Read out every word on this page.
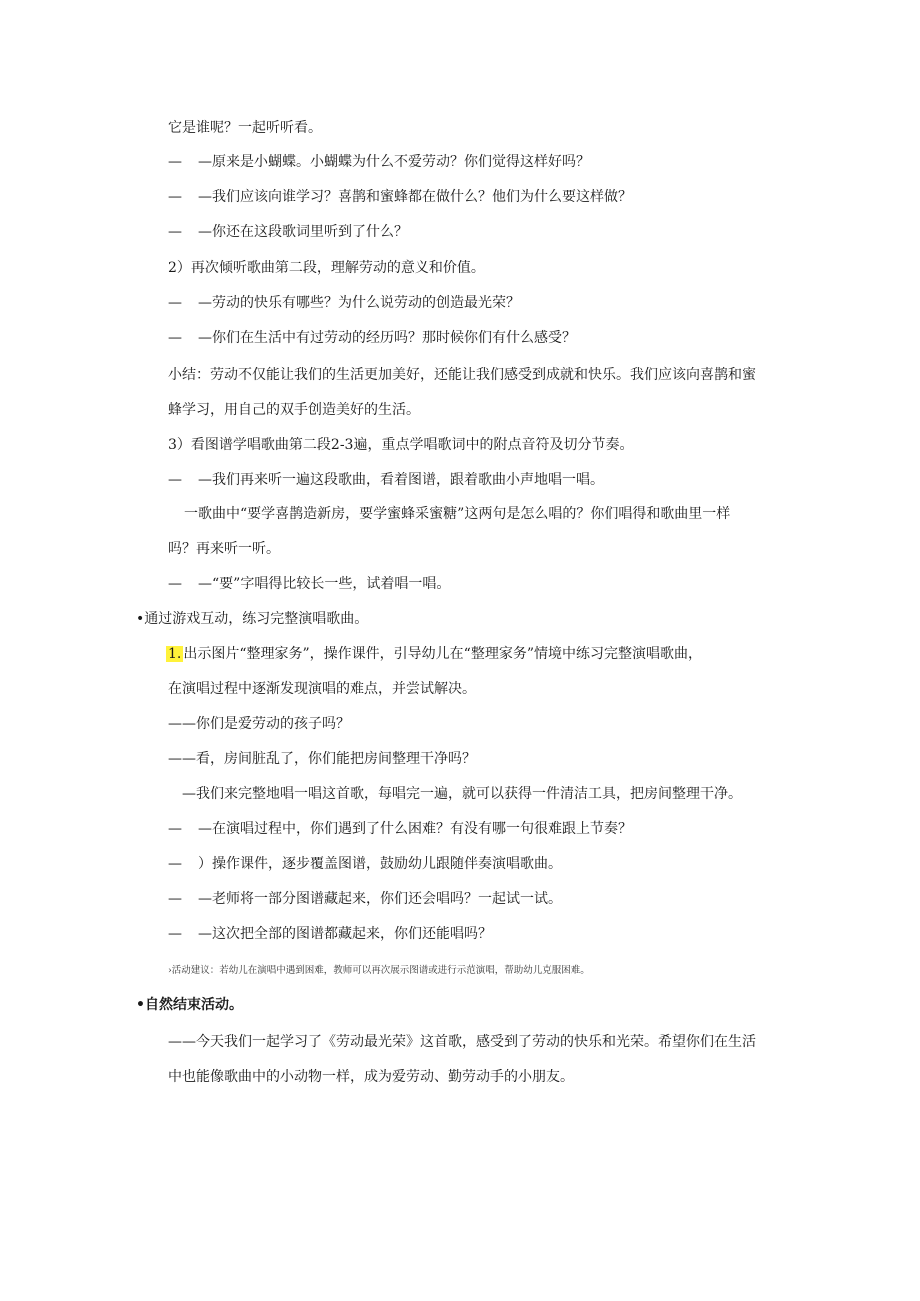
它是谁呢？一起听听看。
— —原来是小蝴蝶。小蝴蝶为什么不爱劳动？你们觉得这样好吗？
— —我们应该向谁学习？喜鹊和蜜蜂都在做什么？他们为什么要这样做？
— —你还在这段歌词里听到了什么？
2）再次倾听歌曲第二段，理解劳动的意义和价值。
— —劳动的快乐有哪些？为什么说劳动的创造最光荣？
— —你们在生活中有过劳动的经历吗？那时候你们有什么感受？
小结：劳动不仅能让我们的生活更加美好，还能让我们感受到成就和快乐。我们应该向喜鹊和蜜
蜂学习，用自己的双手创造美好的生活。
3）看图谱学唱歌曲第二段2-3遍，重点学唱歌词中的附点音符及切分节奏。
— —我们再来听一遍这段歌曲，看着图谱，跟着歌曲小声地唱一唱。
一歌曲中“要学喜鹊造新房，要学蜜蜂采蜜糖”这两句是怎么唱的？你们唱得和歌曲里一样
吗？再来听一听。
— —“要”字唱得比较长一些，试着唱一唱。
•通过游戏互动，练习完整演唱歌曲。
1. 出示图片“整理家务”，操作课件，引导幼儿在“整理家务”情境中练习完整演唱歌曲，
在演唱过程中逐渐发现演唱的难点，并尝试解决。
——你们是爱劳动的孩子吗？
——看，房间脏乱了，你们能把房间整理干净吗？
—我们来完整地唱一唱这首歌，每唱完一遍，就可以获得一件清洁工具，把房间整理干净。
— —在演唱过程中，你们遇到了什么困难？有没有哪一句很难跟上节奏？
— ）操作课件，逐步覆盖图谱，鼓励幼儿跟随伴奏演唱歌曲。
— —老师将一部分图谱藏起来，你们还会唱吗？一起试一试。
— —这次把全部的图谱都藏起来，你们还能唱吗？
›活动建议：若幼儿在演唱中遇到困难，教师可以再次展示图谱或进行示范演唱，帮助幼儿克服困难。
•自然结束活动。
——今天我们一起学习了《劳动最光荣》这首歌，感受到了劳动的快乐和光荣。希望你们在生活
中也能像歌曲中的小动物一样，成为爱劳动、勤劳动手的小朋友。
